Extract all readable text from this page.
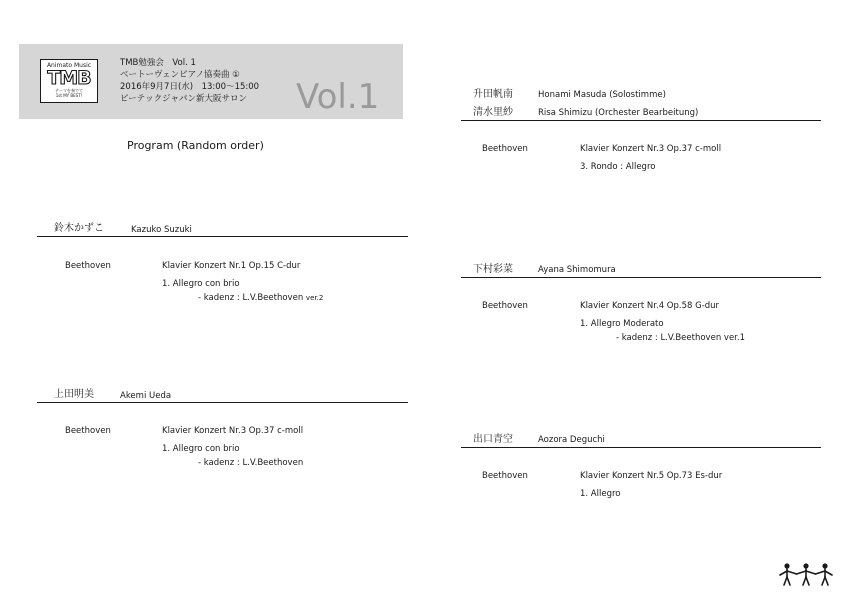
Animato Music
TMB
テーマを奏でて
1st MY BEST!
TMB勉強会　Vol. 1
ベートーヴェンピアノ協奏曲 ①
2016年9月7日(水)　13:00～15:00
ピーテックジャパン新大阪サロン Vol.1
Program (Random order)
鈴木かずこ	Kazuko Suzuki
Beethoven	Klavier Konzert Nr.1 Op.15 C-dur
1. Allegro con brio
- kadenz : L.V.Beethoven ver.2
上田明美	Akemi Ueda
Beethoven	Klavier Konzert Nr.3 Op.37 c-moll
1. Allegro con brio
- kadenz : L.V.Beethoven
升田帆南	Honami Masuda (Solostimme)
清水里紗	Risa Shimizu (Orchester Bearbeitung)
Beethoven	Klavier Konzert Nr.3 Op.37 c-moll
3. Rondo : Allegro
下村彩菜	Ayana Shimomura
Beethoven	Klavier Konzert Nr.4 Op.58 G-dur
1. Allegro Moderato
- kadenz : L.V.Beethoven ver.1
出口青空	Aozora Deguchi
Beethoven	Klavier Konzert Nr.5 Op.73 Es-dur
1. Allegro
